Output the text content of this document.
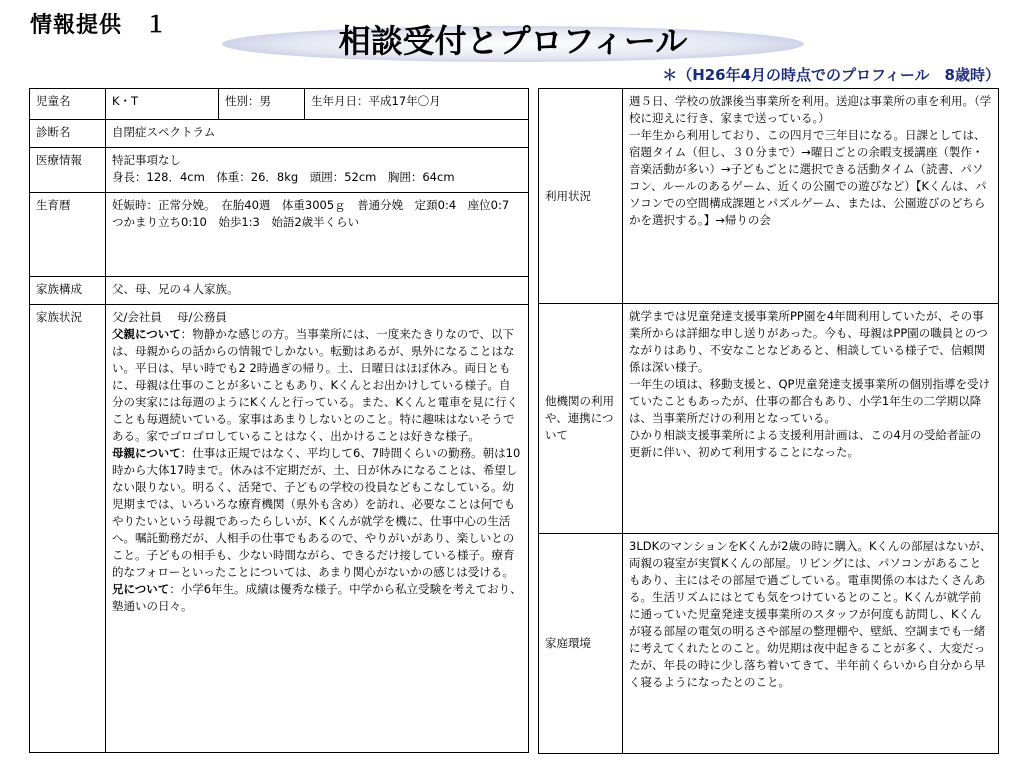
情報提供　１	相談受付とプロフィール
＊（H26年4月の時点でのプロフィール　8歳時）
児童名	K・T	性別：男	生年月日：平成17年〇月
診断名	自閉症スペクトラム		
医療情報	特記事項なし
身長：128．4cm　体重：26．8kg　頭囲：52cm　胸囲：64cm		

生育暦	妊娠時：正常分娩。　在胎40週　体重3005ｇ　普通分娩　定頚0:4　座位0:7　つかまり立ち0:10　始歩1:3　始語2歳半くらい		
家族構成	父、母、兄の４人家族。		
家族状況	父/会社員　 母/公務員
父親について：物静かな感じの方。当事業所には、一度来たきりなので、以下は、母親からの話からの情報でしかない。転勤はあるが、県外になることはない。平日は、早い時でも2 2時過ぎの帰り。土、日曜日はほぼ休み。両日ともに、母親は仕事のことが多いこともあり、Kくんとお出かけしている様子。自分の実家には毎週のようにKくんと行っている。また、Kくんと電車を見に行くことも毎週続いている。家事はあまりしないとのこと。特に趣味はないそうである。家でゴロゴロしていることはなく、出かけることは好きな様子。
母親について：仕事は正規ではなく、平均して6、7時間くらいの勤務。朝は10時から大体17時まで。休みは不定期だが、土、日が休みになることは、希望しない限りない。明るく、活発で、子どもの学校の役員などもこなしている。幼児期までは、いろいろな療育機関（県外も含め）を訪れ、必要なことは何でもやりたいという母親であったらしいが、Kくんが就学を機に、仕事中心の生活へ。嘱託勤務だが、人相手の仕事でもあるので、やりがいがあり、楽しいとのこと。子どもの相手も、少ない時間ながら、できるだけ接している様子。療育的なフォローといったことについては、あまり関心がないかの感じは受ける。
兄について：小学6年生。成績は優秀な様子。中学から私立受験を考えており、塾通いの日々。		
利用状況	週５日、学校の放課後当事業所を利用。送迎は事業所の車を利用。（学校に迎えに行き、家まで送っている。）
一年生から利用しており、この四月で三年目になる。日課としては、宿題タイム（但し、３０分まで）→曜日ごとの余暇支援講座（製作・音楽活動が多い）→子どもごとに選択できる活動タイム（読書、パソコン、ルールのあるゲーム、近くの公園での遊びなど）【Kくんは、パソコンでの空間構成課題とパズルゲーム、または、公園遊びのどちらかを選択する。】→帰りの会

他機関の利用や、連携について	就学までは児童発達支援事業所PP園を4年間利用していたが、その事業所からは詳細な申し送りがあった。今も、母親はPP園の職員とのつながりはあり、不安なことなどあると、相談している様子で、信頼関係は深い様子。
一年生の頃は、移動支援と、QP児童発達支援事業所の個別指導を受けていたこともあったが、仕事の都合もあり、小学1年生の二学期以降は、当事業所だけの利用となっている。
ひかり相談支援事業所による支援利用計画は、この4月の受給者証の更新に伴い、初めて利用することになった。

家庭環境	3LDKのマンションをKくんが2歳の時に購入。Kくんの部屋はないが、両親の寝室が実質Kくんの部屋。リビングには、パソコンがあることもあり、主にはその部屋で過ごしている。電車関係の本はたくさんある。生活リズムにはとても気をつけているとのこと。Kくんが就学前に通っていた児童発達支援事業所のスタッフが何度も訪問し、Kくんが寝る部屋の電気の明るさや部屋の整理棚や、壁紙、空調までも一緒に考えてくれたとのこと。幼児期は夜中起きることが多く、大変だったが、年長の時に少し落ち着いてきて、半年前くらいから自分から早く寝るようになったとのこと。
